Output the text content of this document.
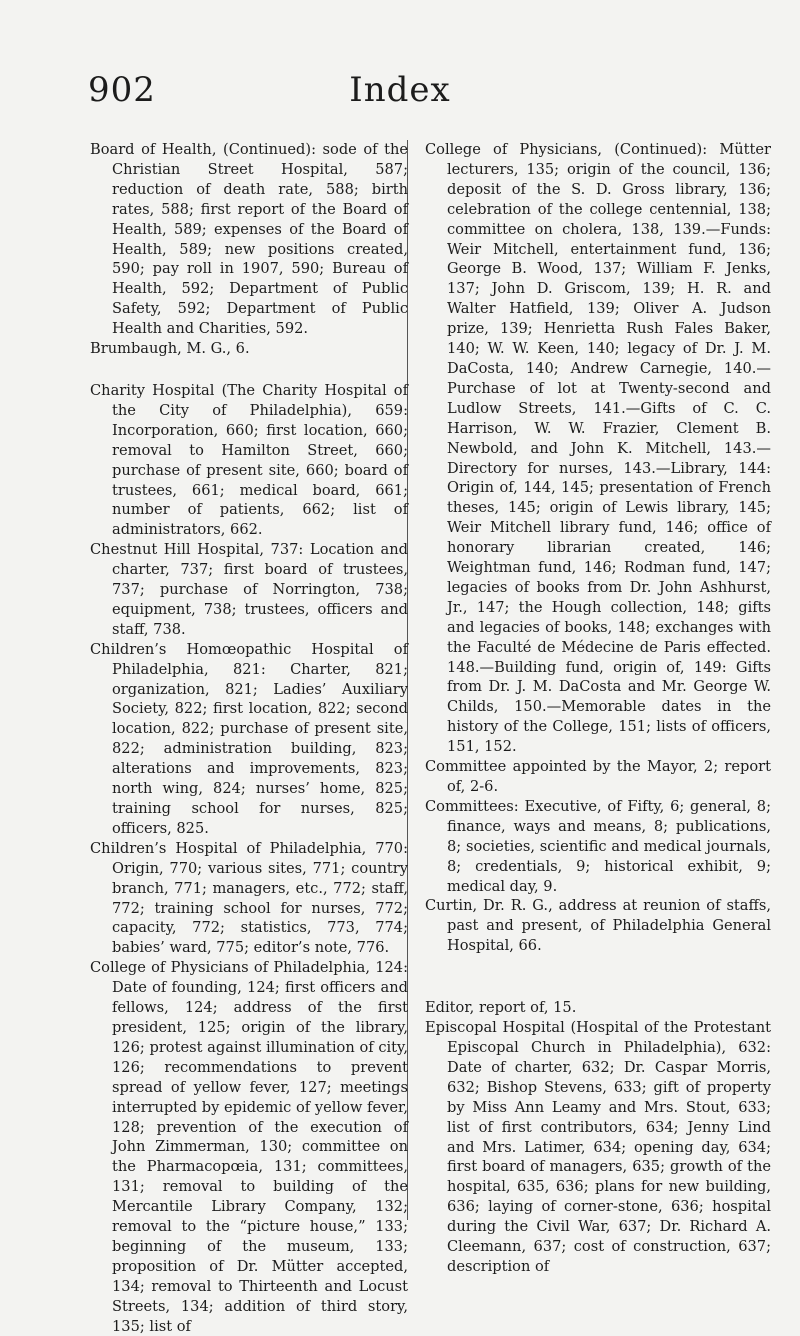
902	Index

Board of Health, (Continued): sode of the Christian Street Hospital, 587; reduction of death rate, 588; birth rates, 588; first report of the Board of Health, 589; expenses of the Board of Health, 589; new positions created, 590; pay roll in 1907, 590; Bureau of Health, 592; Department of Public Safety, 592; Department of Public Health and Charities, 592.

Brumbaugh, M. G., 6.

Charity Hospital (The Charity Hospital of the City of Philadelphia), 659: Incorporation, 660; first location, 660; removal to Hamilton Street, 660; purchase of present site, 660; board of trustees, 661; medical board, 661; number of patients, 662; list of administrators, 662.

Chestnut Hill Hospital, 737: Location and charter, 737; first board of trustees, 737; purchase of Norrington, 738; equipment, 738; trustees, officers and staff, 738.

Children’s Homœopathic Hospital of Philadelphia, 821: Charter, 821; organization, 821; Ladies’ Auxiliary Society, 822; first location, 822; second location, 822; purchase of present site, 822; administration building, 823; alterations and improvements, 823; north wing, 824; nurses’ home, 825; training school for nurses, 825; officers, 825.

Children’s Hospital of Philadelphia, 770: Origin, 770; various sites, 771; country branch, 771; managers, etc., 772; staff, 772; training school for nurses, 772; capacity, 772; statistics, 773, 774; babies’ ward, 775; editor’s note, 776.

College of Physicians of Philadelphia, 124: Date of founding, 124; first officers and fellows, 124; address of the first president, 125; origin of the library, 126; protest against illumination of city, 126; recommendations to prevent spread of yellow fever, 127; meetings interrupted by epidemic of yellow fever, 128; prevention of the execution of John Zimmerman, 130; committee on the Pharmacopœia, 131; committees, 131; removal to building of the Mercantile Library Company, 132; removal to the “picture house,” 133; beginning of the museum, 133; proposition of Dr. Mütter accepted, 134; removal to Thirteenth and Locust Streets, 134; addition of third story, 135; list of

College of Physicians, (Continued): Mütter lecturers, 135; origin of the council, 136; deposit of the S. D. Gross library, 136; celebration of the college centennial, 138; committee on cholera, 138, 139.—Funds: Weir Mitchell, entertainment fund, 136; George B. Wood, 137; William F. Jenks, 137; John D. Griscom, 139; H. R. and Walter Hatfield, 139; Oliver A. Judson prize, 139; Henrietta Rush Fales Baker, 140; W. W. Keen, 140; legacy of Dr. J. M. DaCosta, 140; Andrew Carnegie, 140.—Purchase of lot at Twenty-second and Ludlow Streets, 141.—Gifts of C. C. Harrison, W. W. Frazier, Clement B. Newbold, and John K. Mitchell, 143.—Directory for nurses, 143.—Library, 144: Origin of, 144, 145; presentation of French theses, 145; origin of Lewis library, 145; Weir Mitchell library fund, 146; office of honorary librarian created, 146; Weightman fund, 146; Rodman fund, 147; legacies of books from Dr. John Ashhurst, Jr., 147; the Hough collection, 148; gifts and legacies of books, 148; exchanges with the Faculté de Médecine de Paris effected. 148.—Building fund, origin of, 149: Gifts from Dr. J. M. DaCosta and Mr. George W. Childs, 150.—Memorable dates in the history of the College, 151; lists of officers, 151, 152.

Committee appointed by the Mayor, 2; report of, 2-6.

Committees: Executive, of Fifty, 6; general, 8; finance, ways and means, 8; publications, 8; societies, scientific and medical journals, 8; credentials, 9; historical exhibit, 9; medical day, 9.

Curtin, Dr. R. G., address at reunion of staffs, past and present, of Philadelphia General Hospital, 66.

Editor, report of, 15.

Episcopal Hospital (Hospital of the Protestant Episcopal Church in Philadelphia), 632: Date of charter, 632; Dr. Caspar Morris, 632; Bishop Stevens, 633; gift of property by Miss Ann Leamy and Mrs. Stout, 633; list of first contributors, 634; Jenny Lind and Mrs. Latimer, 634; opening day, 634; first board of managers, 635; growth of the hospital, 635, 636; plans for new building, 636; laying of corner-stone, 636; hospital during the Civil War, 637; Dr. Richard A. Cleemann, 637; cost of construction, 637; description of
